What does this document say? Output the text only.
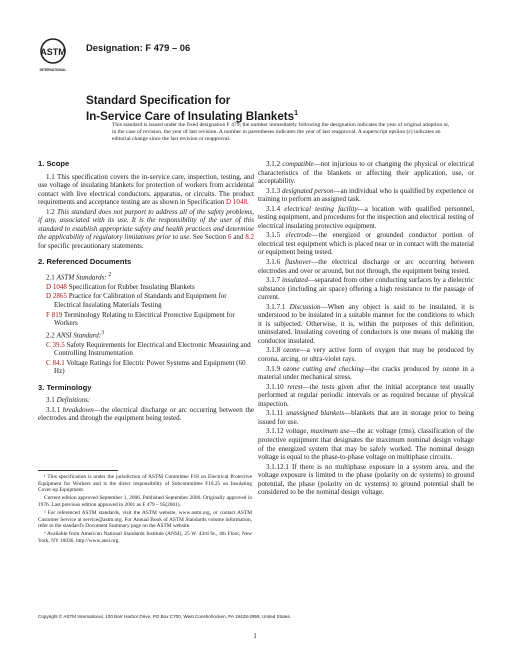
ASTM
INTERNATIONAL
Designation: F 479 – 06
Standard Specification for
In-Service Care of Insulating Blankets$^1$
This standard is issued under the fixed designation F 479; the number immediately following the designation indicates the year of original adoption or, in the case of revision, the year of last revision. A number in parentheses indicates the year of last reapproval. A superscript epsilon (ε) indicates an editorial change since the last revision or reapproval.
1. Scope

1.1 This specification covers the in-service care, inspection, testing, and use voltage of insulating blankets for protection of workers from accidental contact with live electrical conductors, apparatus, or circuits. The product requirements and acceptance testing are as shown in Specification D 1048.

1.2 This standard does not purport to address all of the safety problems, if any, associated with its use. It is the responsibility of the user of this standard to establish appropriate safety and health practices and determine the applicability of regulatory limitations prior to use. See Section 6 and 8.2 for specific precautionary statements.

2. Referenced Documents

2.1 ASTM Standards: $^2$

D 1048 Specification for Rubber Insulating Blankets

D 2865 Practice for Calibration of Standards and Equipment for Electrical Insulating Materials Testing

F 819 Terminology Relating to Electrical Protective Equipment for Workers

2.2 ANSI Standard:$^3$

C 39.5 Safety Requirements for Electrical and Electronic Measuring and Controlling Instrumentation

C 84.1 Voltage Ratings for Electric Power Systems and Equipment (60 Hz)

3. Terminology

3.1 Definitions:

3.1.1 breakdown—the electrical discharge or arc occurring between the electrodes and through the equipment being tested.

¹ This specification is under the jurisdiction of ASTM Committee F18 on Electrical Protective Equipment for Workers and is the direct responsibility of Subcommittee F18.25 on Insulating Cover-up Equipment.

Current edition approved September 1, 2006. Published September 2006. Originally approved in 1976. Last previous edition approved in 2001 as F 479 – 95(2001).

² For referenced ASTM standards, visit the ASTM website, www.astm.org, or contact ASTM Customer Service at service@astm.org. For Annual Book of ASTM Standards volume information, refer to the standard's Document Summary page on the ASTM website.

³ Available from American National Standards Institute (ANSI), 25 W. 43rd St., 4th Floor, New York, NY 10036, http://www.ansi.org.

3.1.2 compatible—not injurious to or changing the physical or electrical characteristics of the blankets or affecting their application, use, or acceptability.

3.1.3 designated person—an individual who is qualified by experience or training to perform an assigned task.

3.1.4 electrical testing facility—a location with qualified personnel, testing equipment, and procedures for the inspection and electrical testing of electrical insulating protective equipment.

3.1.5 electrode—the energized or grounded conductor portion of electrical test equipment which is placed near or in contact with the material or equipment being tested.

3.1.6 flashover—the electrical discharge or arc occurring between electrodes and over or around, but not through, the equipment being tested.

3.1.7 insulated—separated from other conducting surfaces by a dielectric substance (including air space) offering a high resistance to the passage of current.

3.1.7.1 Discussion—When any object is said to be insulated, it is understood to be insulated in a suitable manner for the conditions to which it is subjected. Otherwise, it is, within the purposes of this definition, uninsulated. Insulating covering of conductors is one means of making the conductor insulated.

3.1.8 ozone—a very active form of oxygen that may be produced by corona, arcing, or ultra-violet rays.

3.1.9 ozone cutting and checking—the cracks produced by ozone in a material under mechanical stress.

3.1.10 retest—the tests given after the initial acceptance test usually performed at regular periodic intervals or as required because of physical inspection.

3.1.11 unassigned blankets—blankets that are in storage prior to being issued for use.

3.1.12 voltage, maximum use—the ac voltage (rms), classification of the protective equipment that designates the maximum nominal design voltage of the energized system that may be safely worked. The nominal design voltage is equal to the phase-to-phase voltage on multiphase circuits.

3.1.12.1 If there is no multiphase exposure in a system area, and the voltage exposure is limited to the phase (polarity on dc systems) to ground potential, the phase (polarity on dc systems) to ground potential shall be considered to be the nominal design voltage.

Copyright © ASTM International, 100 Barr Harbor Drive, PO Box C700, West Conshohocken, PA 19428-2959, United States.
1
